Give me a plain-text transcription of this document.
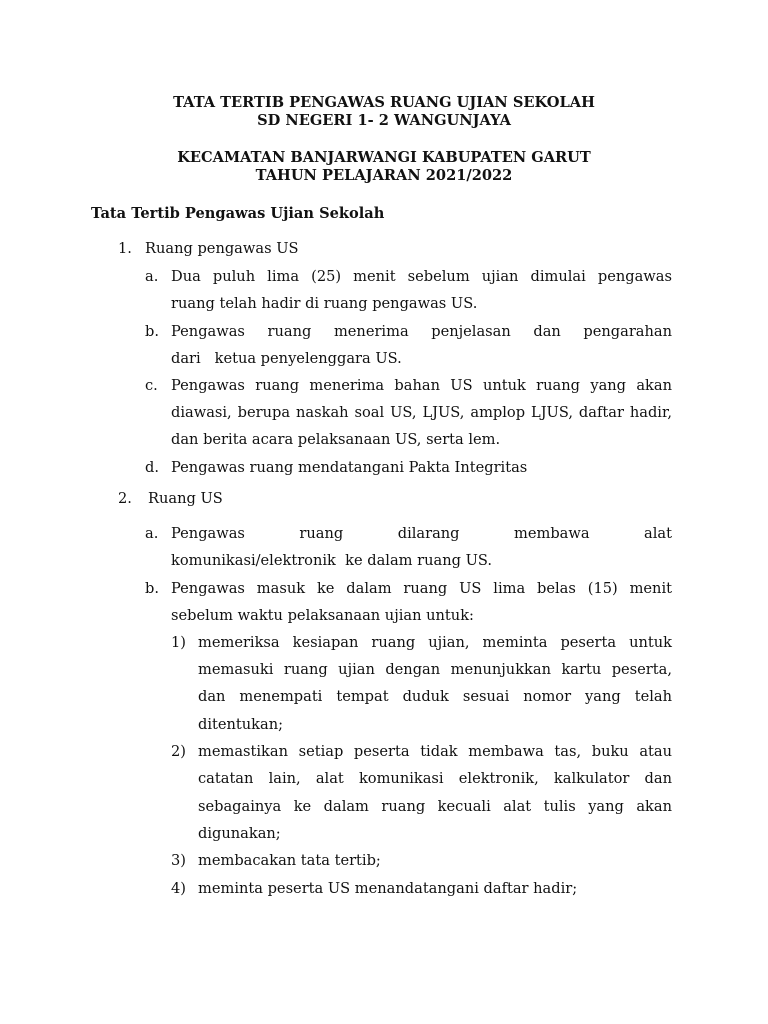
TATA TERTIB PENGAWAS RUANG UJIAN SEKOLAH
SD NEGERI 1- 2 WANGUNJAYA
KECAMATAN BANJARWANGI KABUPATEN GARUT
TAHUN PELAJARAN 2021/2022
Tata Tertib Pengawas Ujian Sekolah
1. Ruang pengawas US
a. Dua puluh lima (25) menit sebelum ujian dimulai pengawas
ruang telah hadir di ruang pengawas US.
b. Pengawas ruang menerima penjelasan dan pengarahan
dari   ketua penyelenggara US.
c. Pengawas ruang menerima bahan US untuk ruang yang akan
diawasi, berupa naskah soal US, LJUS, amplop LJUS, daftar hadir,
dan berita acara pelaksanaan US, serta lem.
d. Pengawas ruang mendatangani Pakta Integritas
2. Ruang US
a. Pengawas ruang dilarang membawa alat
komunikasi/elektronik  ke dalam ruang US.
b. Pengawas masuk ke dalam ruang US lima belas (15) menit
sebelum waktu pelaksanaan ujian untuk:
1) memeriksa kesiapan ruang ujian, meminta peserta untuk
memasuki ruang ujian dengan menunjukkan kartu peserta,
dan menempati tempat duduk sesuai nomor yang telah
ditentukan;
2) memastikan setiap peserta tidak membawa tas, buku atau
catatan lain, alat komunikasi elektronik, kalkulator dan
sebagainya ke dalam ruang kecuali alat tulis yang akan
digunakan;
3) membacakan tata tertib;
4) meminta peserta US menandatangani daftar hadir;
